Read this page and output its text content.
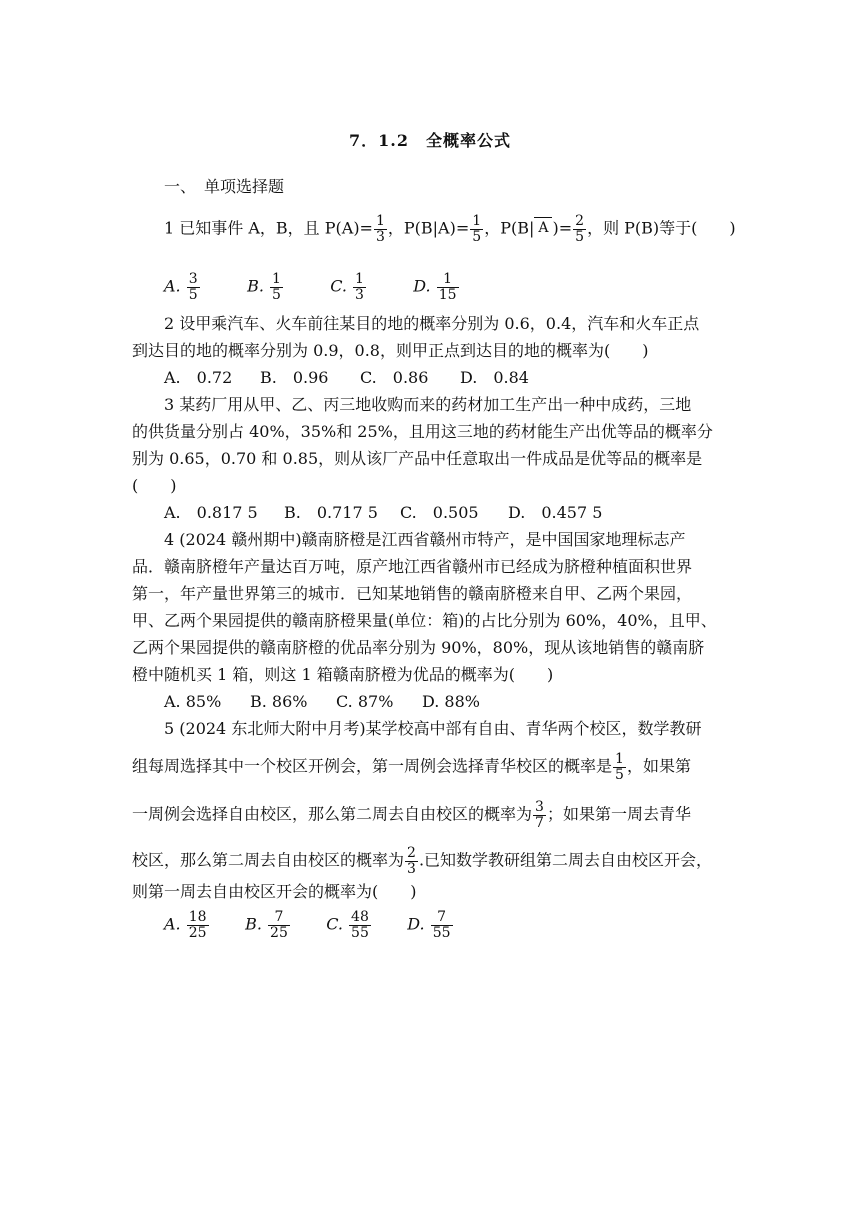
7．1.2　全概率公式
一、　单项选择题
1 已知事件 A，B，且 $P(A)= \frac{1}{3}$ ，$P(B|A)= \frac{1}{5}$ ，P(B| A )= $\frac{2}{5}$ ，则 P(B)等于(　　)
A. $\frac{3}{5}$	B. $\frac{1}{5}$	C. $\frac{1}{3}$	D. $\frac{1}{15}$
2 设甲乘汽车、火车前往某目的地的概率分别为 0.6，0.4，汽车和火车正点
到达目的地的概率分别为 0.9，0.8，则甲正点到达目的地的概率为(　　)
A.　0.72 B.　0.96 C.　0.86 D.　0.84
3 某药厂用从甲、乙、丙三地收购而来的药材加工生产出一种中成药，三地
的供货量分别占 40%，35%和 25%，且用这三地的药材能生产出优等品的概率分
别为 0.65，0.70 和 0.85，则从该厂产品中任意取出一件成品是优等品的概率是
(　　)
A.　0.817 5 B.　0.717 5 C.　0.505 D.　0.457 5
4 (2024 赣州期中)赣南脐橙是江西省赣州市特产，是中国国家地理标志产
品．赣南脐橙年产量达百万吨，原产地江西省赣州市已经成为脐橙种植面积世界
第一，年产量世界第三的城市．已知某地销售的赣南脐橙来自甲、乙两个果园，
甲、乙两个果园提供的赣南脐橙果量(单位：箱)的占比分别为 60%，40%，且甲、
乙两个果园提供的赣南脐橙的优品率分别为 90%，80%，现从该地销售的赣南脐
橙中随机买 1 箱，则这 1 箱赣南脐橙为优品的概率为(　　)
A. 85% B. 86% C. 87% D. 88%
5 (2024 东北师大附中月考)某学校高中部有自由、青华两个校区，数学教研
组每周选择其中一个校区开例会，第一周例会选择青华校区的概率是 $\frac{1}{5}$ ，如果第
一周例会选择自由校区，那么第二周去自由校区的概率为 $\frac{3}{7}$ ；如果第一周去青华
校区，那么第二周去自由校区的概率为 $\frac{2}{3}$ .已知数学教研组第二周去自由校区开会，
则第一周去自由校区开会的概率为(　　)
A. $\frac{18}{25} B$. $\frac{7}{25} C$. $\frac{48}{55} D$. $\frac{7}{55}$
